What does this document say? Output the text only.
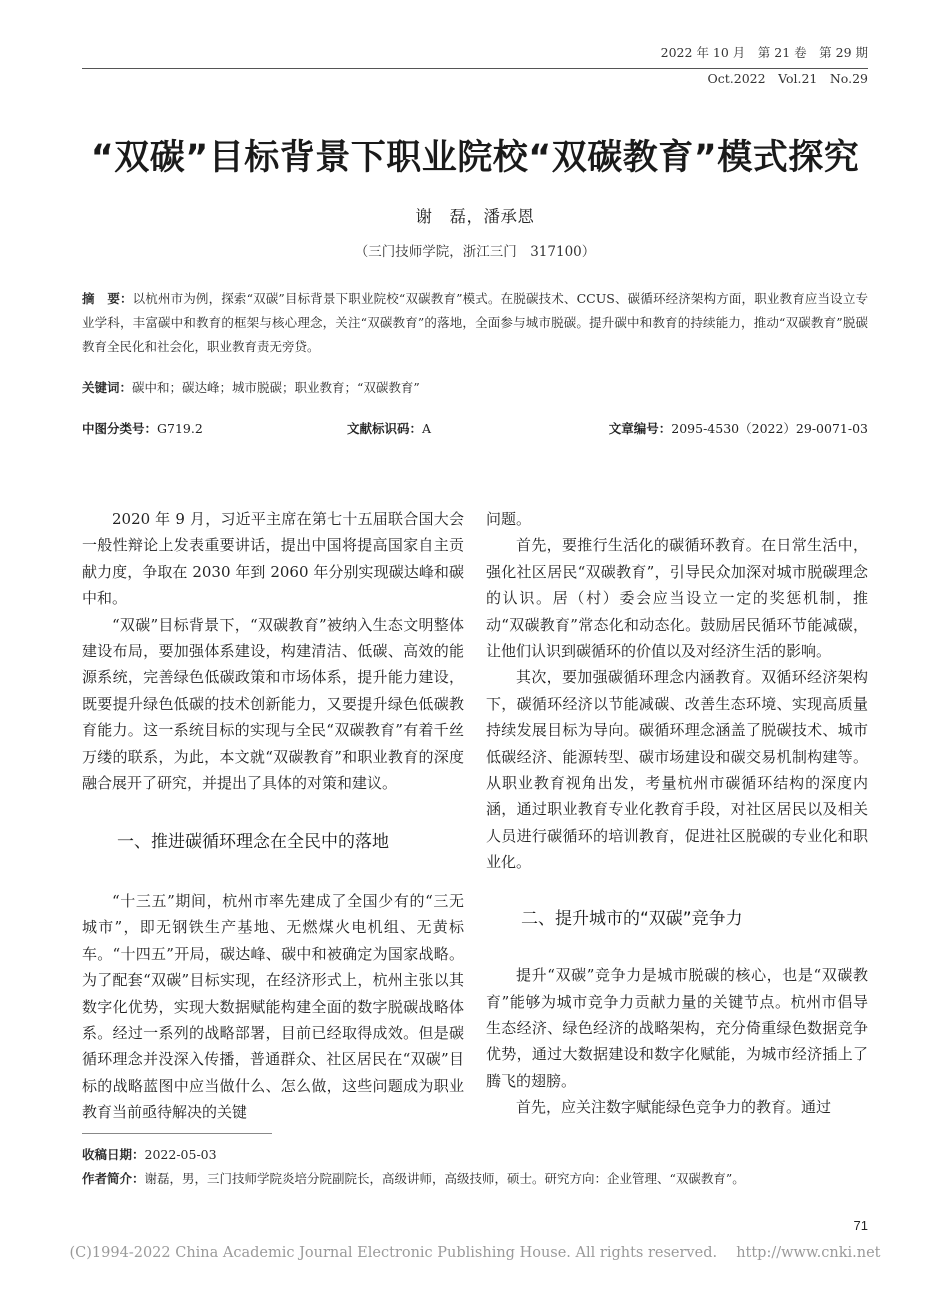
2022 年 10 月　第 21 卷　第 29 期
Oct.2022　Vol.21　No.29
“双碳”目标背景下职业院校“双碳教育”模式探究
谢　磊，潘承恩
（三门技师学院，浙江三门　317100）
摘　要：以杭州市为例，探索“双碳”目标背景下职业院校“双碳教育”模式。在脱碳技术、CCUS、碳循环经济架构方面，职业教育应当设立专业学科，丰富碳中和教育的框架与核心理念，关注“双碳教育”的落地，全面参与城市脱碳。提升碳中和教育的持续能力，推动“双碳教育”脱碳教育全民化和社会化，职业教育责无旁贷。
关键词：碳中和；碳达峰；城市脱碳；职业教育；“双碳教育”
中图分类号：G719.2	文献标识码：A	文章编号：2095-4530（2022）29-0071-03

2020 年 9 月，习近平主席在第七十五届联合国大会一般性辩论上发表重要讲话，提出中国将提高国家自主贡献力度，争取在 2030 年到 2060 年分别实现碳达峰和碳中和。

“双碳”目标背景下，“双碳教育”被纳入生态文明整体建设布局，要加强体系建设，构建清洁、低碳、高效的能源系统，完善绿色低碳政策和市场体系，提升能力建设，既要提升绿色低碳的技术创新能力，又要提升绿色低碳教育能力。这一系统目标的实现与全民“双碳教育”有着千丝万缕的联系，为此，本文就“双碳教育”和职业教育的深度融合展开了研究，并提出了具体的对策和建议。

一、推进碳循环理念在全民中的落地

“十三五”期间，杭州市率先建成了全国少有的“三无城市”，即无钢铁生产基地、无燃煤火电机组、无黄标车。“十四五”开局，碳达峰、碳中和被确定为国家战略。为了配套“双碳”目标实现，在经济形式上，杭州主张以其数字化优势，实现大数据赋能构建全面的数字脱碳战略体系。经过一系列的战略部署，目前已经取得成效。但是碳循环理念并没深入传播，普通群众、社区居民在“双碳”目标的战略蓝图中应当做什么、怎么做，这些问题成为职业教育当前亟待解决的关键

问题。

首先，要推行生活化的碳循环教育。在日常生活中，强化社区居民“双碳教育”，引导民众加深对城市脱碳理念的认识。居（村）委会应当设立一定的奖惩机制，推动“双碳教育”常态化和动态化。鼓励居民循环节能减碳，让他们认识到碳循环的价值以及对经济生活的影响。

其次，要加强碳循环理念内涵教育。双循环经济架构下，碳循环经济以节能减碳、改善生态环境、实现高质量持续发展目标为导向。碳循环理念涵盖了脱碳技术、城市低碳经济、能源转型、碳市场建设和碳交易机制构建等。从职业教育视角出发，考量杭州市碳循环结构的深度内涵，通过职业教育专业化教育手段，对社区居民以及相关人员进行碳循环的培训教育，促进社区脱碳的专业化和职业化。

二、提升城市的“双碳”竞争力

提升“双碳”竞争力是城市脱碳的核心，也是“双碳教育”能够为城市竞争力贡献力量的关键节点。杭州市倡导生态经济、绿色经济的战略架构，充分倚重绿色数据竞争优势，通过大数据建设和数字化赋能，为城市经济插上了腾飞的翅膀。

首先，应关注数字赋能绿色竞争力的教育。通过

收稿日期：2022-05-03
作者简介：谢磊，男，三门技师学院炎培分院副院长，高级讲师，高级技师，硕士。研究方向：企业管理、“双碳教育”。
71
(C)1994-2022 China Academic Journal Electronic Publishing House. All rights reserved.　 http://www.cnki.net
